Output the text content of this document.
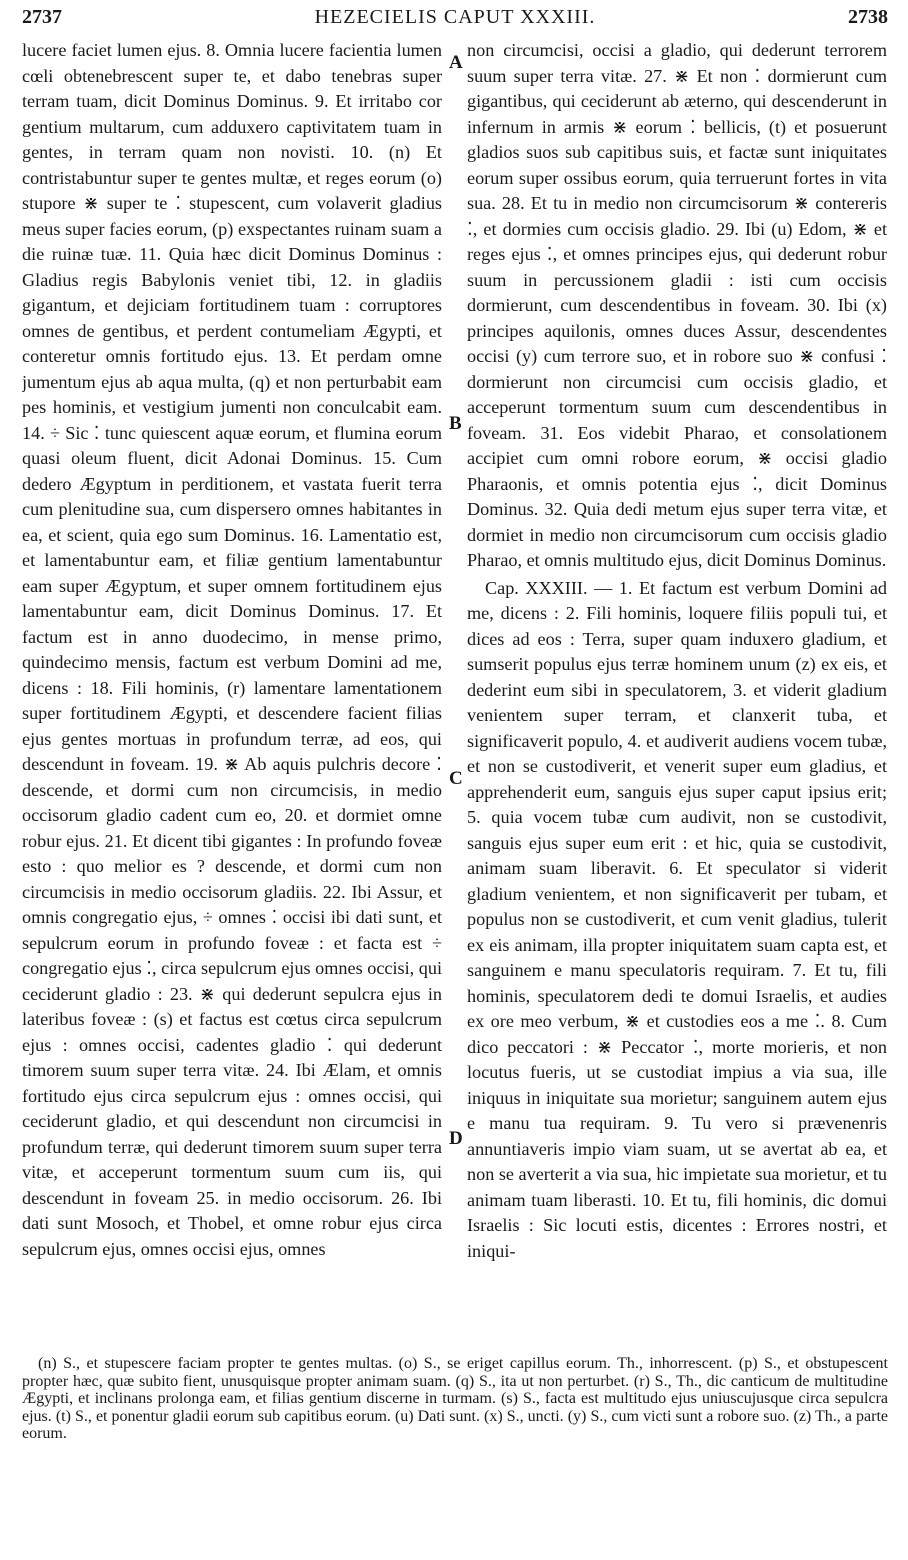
2737	HEZECIELIS CAPUT XXXIII.	2738

lucere faciet lumen ejus. 8. Omnia lucere facientia lumen cœli obtenebrescent super te, et dabo tenebras super terram tuam, dicit Dominus Dominus. 9. Et irritabo cor gentium multarum, cum adduxero captivitatem tuam in gentes, in terram quam non novisti. 10. (n) Et contristabuntur super te gentes multæ, et reges eorum (o) stupore ⋇ super te ⁚ stupescent, cum volaverit gladius meus super facies eorum, (p) exspectantes ruinam suam a die ruinæ tuæ. 11. Quia hæc dicit Dominus Dominus : Gladius regis Babylonis veniet tibi, 12. in gladiis gigantum, et dejiciam fortitudinem tuam : corruptores omnes de gentibus, et perdent contumeliam Ægypti, et conteretur omnis fortitudo ejus. 13. Et perdam omne jumentum ejus ab aqua multa, (q) et non perturbabit eam pes hominis, et vestigium jumenti non conculcabit eam. 14. ÷ Sic ⁚ tunc quiescent aquæ eorum, et flumina eorum quasi oleum fluent, dicit Adonai Dominus. 15. Cum dedero Ægyptum in perditionem, et vastata fuerit terra cum plenitudine sua, cum dispersero omnes habitantes in ea, et scient, quia ego sum Dominus. 16. Lamentatio est, et lamentabuntur eam, et filiæ gentium lamentabuntur eam super Ægyptum, et super omnem fortitudinem ejus lamentabuntur eam, dicit Dominus Dominus. 17. Et factum est in anno duodecimo, in mense primo, quindecimo mensis, factum est verbum Domini ad me, dicens : 18. Fili hominis, (r) lamentare lamentationem super fortitudinem Ægypti, et descendere facient filias ejus gentes mortuas in profundum terræ, ad eos, qui descendunt in foveam. 19. ⋇ Ab aquis pulchris decore ⁚ descende, et dormi cum non circumcisis, in medio occisorum gladio cadent cum eo, 20. et dormiet omne robur ejus. 21. Et dicent tibi gigantes : In profundo foveæ esto : quo melior es ? descende, et dormi cum non circumcisis in medio occisorum gladiis. 22. Ibi Assur, et omnis congregatio ejus, ÷ omnes ⁚ occisi ibi dati sunt, et sepulcrum eorum in profundo foveæ : et facta est ÷ congregatio ejus ⁚, circa sepulcrum ejus omnes occisi, qui ceciderunt gladio : 23. ⋇ qui dederunt sepulcra ejus in lateribus foveæ : (s) et factus est cœtus circa sepulcrum ejus : omnes occisi, cadentes gladio ⁚ qui dederunt timorem suum super terra vitæ. 24. Ibi Ælam, et omnis fortitudo ejus circa sepulcrum ejus : omnes occisi, qui ceciderunt gladio, et qui descendunt non circumcisi in profundum terræ, qui dederunt timorem suum super terra vitæ, et acceperunt tormentum suum cum iis, qui descendunt in foveam 25. in medio occisorum. 26. Ibi dati sunt Mosoch, et Thobel, et omne robur ejus circa sepulcrum ejus, omnes occisi ejus, omnes

A
B
C
D

non circumcisi, occisi a gladio, qui dederunt terrorem suum super terra vitæ. 27. ⋇ Et non ⁚ dormierunt cum gigantibus, qui ceciderunt ab æterno, qui descenderunt in infernum in armis ⋇ eorum ⁚ bellicis, (t) et posuerunt gladios suos sub capitibus suis, et factæ sunt iniquitates eorum super ossibus eorum, quia terruerunt fortes in vita sua. 28. Et tu in medio non circumcisorum ⋇ contereris ⁚, et dormies cum occisis gladio. 29. Ibi (u) Edom, ⋇ et reges ejus ⁚, et omnes principes ejus, qui dederunt robur suum in percussionem gladii : isti cum occisis dormierunt, cum descendentibus in foveam. 30. Ibi (x) principes aquilonis, omnes duces Assur, descendentes occisi (y) cum terrore suo, et in robore suo ⋇ confusi ⁚ dormierunt non circumcisi cum occisis gladio, et acceperunt tormentum suum cum descendentibus in foveam. 31. Eos videbit Pharao, et consolationem accipiet cum omni robore eorum, ⋇ occisi gladio Pharaonis, et omnis potentia ejus ⁚, dicit Dominus Dominus. 32. Quia dedi metum ejus super terra vitæ, et dormiet in medio non circumcisorum cum occisis gladio Pharao, et omnis multitudo ejus, dicit Dominus Dominus.

Cap. XXXIII. — 1. Et factum est verbum Domini ad me, dicens : 2. Fili hominis, loquere filiis populi tui, et dices ad eos : Terra, super quam induxero gladium, et sumserit populus ejus terræ hominem unum (z) ex eis, et dederint eum sibi in speculatorem, 3. et viderit gladium venientem super terram, et clanxerit tuba, et significaverit populo, 4. et audiverit audiens vocem tubæ, et non se custodiverit, et venerit super eum gladius, et apprehenderit eum, sanguis ejus super caput ipsius erit; 5. quia vocem tubæ cum audivit, non se custodivit, sanguis ejus super eum erit : et hic, quia se custodivit, animam suam liberavit. 6. Et speculator si viderit gladium venientem, et non significaverit per tubam, et populus non se custodiverit, et cum venit gladius, tulerit ex eis animam, illa propter iniquitatem suam capta est, et sanguinem e manu speculatoris requiram. 7. Et tu, fili hominis, speculatorem dedi te domui Israelis, et audies ex ore meo verbum, ⋇ et custodies eos a me ⁚. 8. Cum dico peccatori : ⋇ Peccator ⁚, morte morieris, et non locutus fueris, ut se custodiat impius a via sua, ille iniquus in iniquitate sua morietur; sanguinem autem ejus e manu tua requiram. 9. Tu vero si prævenenris annuntiaveris impio viam suam, ut se avertat ab ea, et non se averterit a via sua, hic impietate sua morietur, et tu animam tuam liberasti. 10. Et tu, fili hominis, dic domui Israelis : Sic locuti estis, dicentes : Errores nostri, et iniqui-

(n) S., et stupescere faciam propter te gentes multas. (o) S., se eriget capillus eorum. Th., inhorrescent. (p) S., et obstupescent propter hæc, quæ subito fient, unusquisque propter animam suam. (q) S., ita ut non perturbet. (r) S., Th., dic canticum de multitudine Ægypti, et inclinans prolonga eam, et filias gentium discerne in turmam. (s) S., facta est multitudo ejus uniuscujusque circa sepulcra ejus. (t) S., et ponentur gladii eorum sub capitibus eorum. (u) Dati sunt. (x) S., uncti. (y) S., cum victi sunt a robore suo. (z) Th., a parte eorum.
